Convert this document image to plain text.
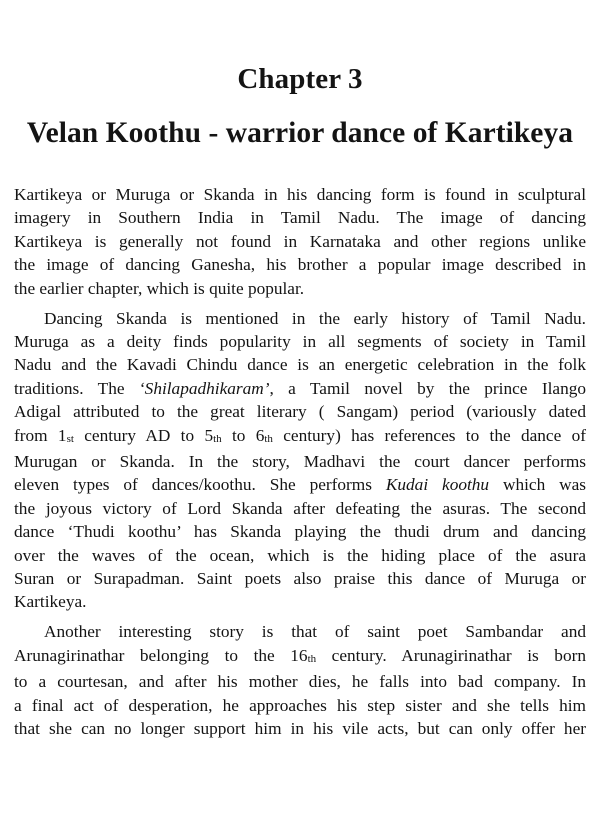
Chapter 3
Velan Koothu - warrior dance of Kartikeya

Kartikeya or Muruga or Skanda in his dancing form is found in sculptural
imagery in Southern India in Tamil Nadu. The image of dancing
Kartikeya is generally not found in Karnataka and other regions unlike
the image of dancing Ganesha, his brother a popular image described in
the earlier chapter, which is quite popular.

Dancing Skanda is mentioned in the early history of Tamil Nadu.
Muruga as a deity finds popularity in all segments of society in Tamil
Nadu and the Kavadi Chindu dance is an energetic celebration in the folk
traditions. The ‘Shilapadhikaram’, a Tamil novel by the prince Ilango
Adigal attributed to the great literary ( Sangam) period (variously dated
from 1st century AD to 5th to 6th century) has references to the dance of
Murugan or Skanda. In the story, Madhavi the court dancer performs
eleven types of dances/koothu. She performs Kudai koothu which was
the joyous victory of Lord Skanda after defeating the asuras. The second
dance ‘Thudi koothu’ has Skanda playing the thudi drum and dancing
over the waves of the ocean, which is the hiding place of the asura
Suran or Surapadman. Saint poets also praise this dance of Muruga or
Kartikeya.

Another interesting story is that of saint poet Sambandar and
Arunagirinathar belonging to the 16th century. Arunagirinathar is born
to a courtesan, and after his mother dies, he falls into bad company. In
a final act of desperation, he approaches his step sister and she tells him
that she can no longer support him in his vile acts, but can only offer her
